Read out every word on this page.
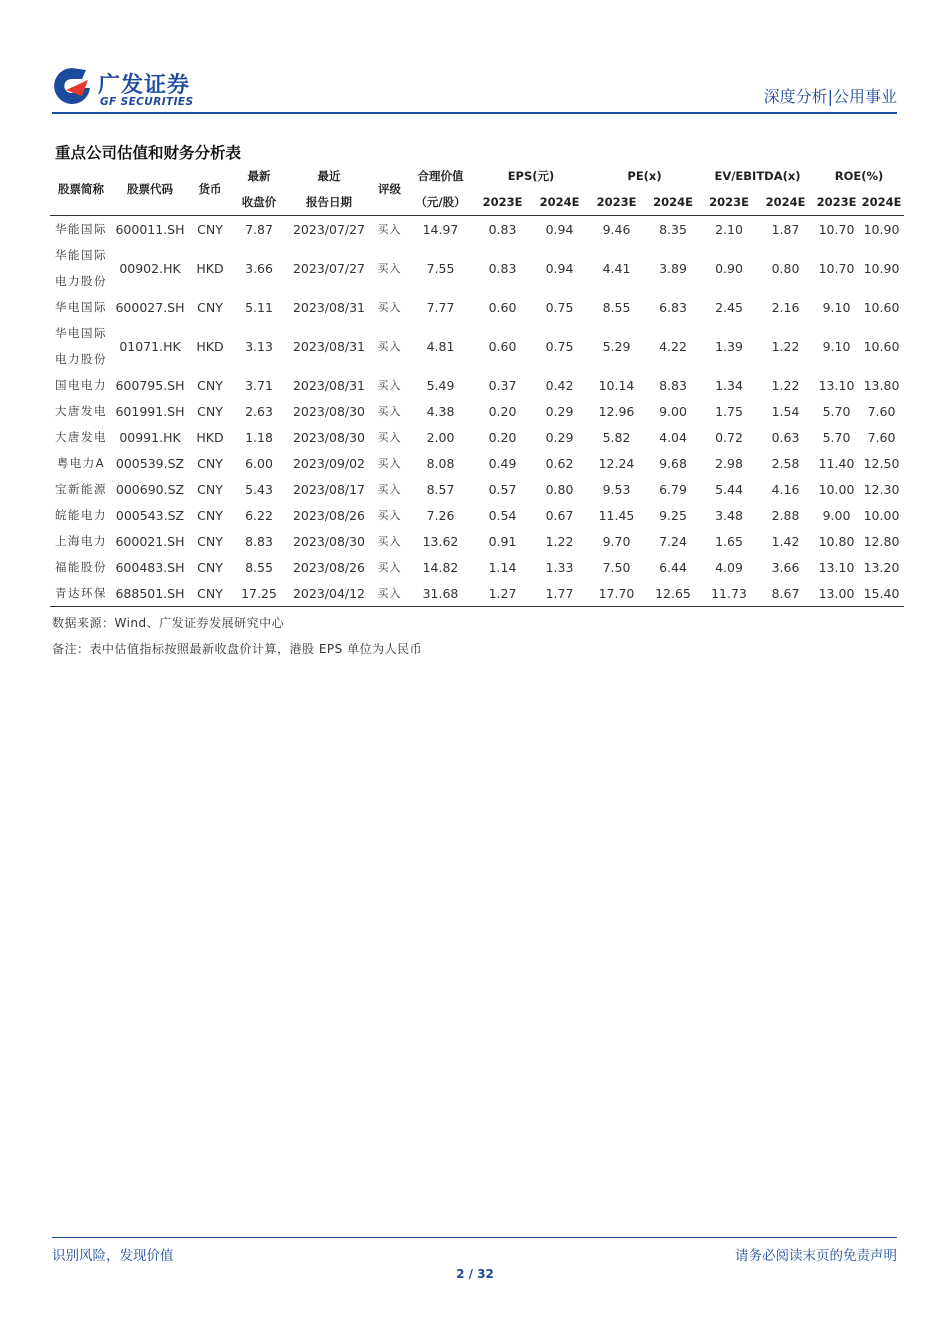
广发证券
GF SECURITIES	深度分析|公用事业
重点公司估值和财务分析表
股票简称	股票代码	货币	最新	最近	评级	合理价值	EPS(元)		PE(x)		EV/EBITDA(x)		ROE(%)	
			收盘价	报告日期		（元/股）	2023E	2024E	2023E	2024E	2023E	2024E	2023E	2024E
华能国际	600011.SH	CNY	7.87	2023/07/27	买入	14.97	0.83	0.94	9.46	8.35	2.10	1.87	10.70	10.90
华能国际
电力股份	00902.HK	HKD	3.66	2023/07/27	买入	7.55	0.83	0.94	4.41	3.89	0.90	0.80	10.70	10.90
华电国际	600027.SH	CNY	5.11	2023/08/31	买入	7.77	0.60	0.75	8.55	6.83	2.45	2.16	9.10	10.60
华电国际
电力股份	01071.HK	HKD	3.13	2023/08/31	买入	4.81	0.60	0.75	5.29	4.22	1.39	1.22	9.10	10.60
国电电力	600795.SH	CNY	3.71	2023/08/31	买入	5.49	0.37	0.42	10.14	8.83	1.34	1.22	13.10	13.80
大唐发电	601991.SH	CNY	2.63	2023/08/30	买入	4.38	0.20	0.29	12.96	9.00	1.75	1.54	5.70	7.60
大唐发电	00991.HK	HKD	1.18	2023/08/30	买入	2.00	0.20	0.29	5.82	4.04	0.72	0.63	5.70	7.60
粤电力A	000539.SZ	CNY	6.00	2023/09/02	买入	8.08	0.49	0.62	12.24	9.68	2.98	2.58	11.40	12.50
宝新能源	000690.SZ	CNY	5.43	2023/08/17	买入	8.57	0.57	0.80	9.53	6.79	5.44	4.16	10.00	12.30
皖能电力	000543.SZ	CNY	6.22	2023/08/26	买入	7.26	0.54	0.67	11.45	9.25	3.48	2.88	9.00	10.00
上海电力	600021.SH	CNY	8.83	2023/08/30	买入	13.62	0.91	1.22	9.70	7.24	1.65	1.42	10.80	12.80
福能股份	600483.SH	CNY	8.55	2023/08/26	买入	14.82	1.14	1.33	7.50	6.44	4.09	3.66	13.10	13.20
青达环保	688501.SH	CNY	17.25	2023/04/12	买入	31.68	1.27	1.77	17.70	12.65	11.73	8.67	13.00	15.40
数据来源：Wind、广发证券发展研究中心
备注：表中估值指标按照最新收盘价计算，港股 EPS 单位为人民币
识别风险，发现价值	请务必阅读末页的免责声明
2 / 32
